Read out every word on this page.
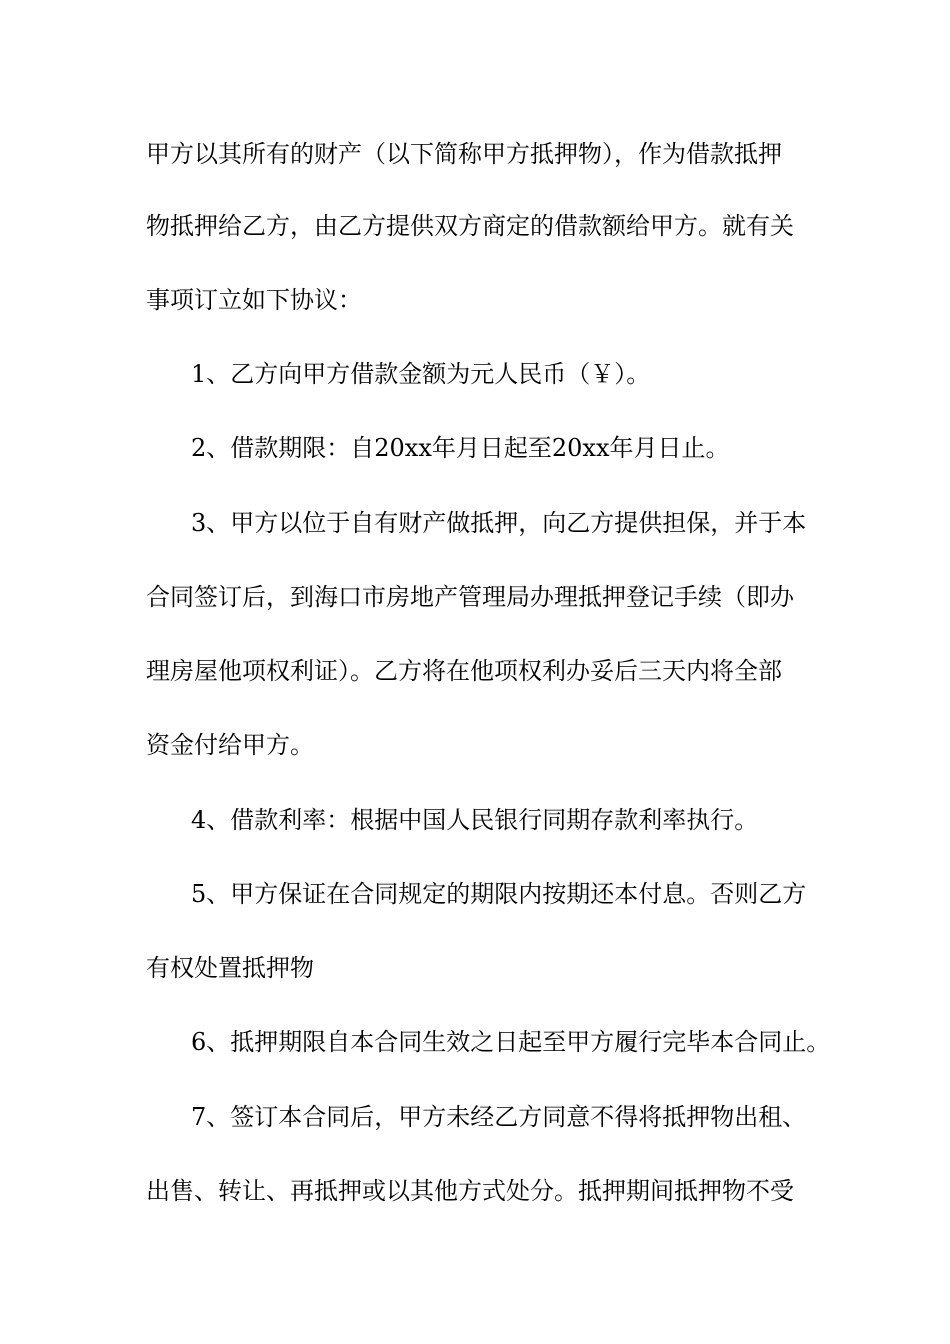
甲方以其所有的财产（以下简称甲方抵押物），作为借款抵押
物抵押给乙方，由乙方提供双方商定的借款额给甲方。就有关
事项订立如下协议：
1、乙方向甲方借款金额为元人民币（￥）。
2、借款期限：自20xx年月日起至20xx年月日止。
3、甲方以位于自有财产做抵押，向乙方提供担保，并于本
合同签订后，到海口市房地产管理局办理抵押登记手续（即办
理房屋他项权利证）。乙方将在他项权利办妥后三天内将全部
资金付给甲方。
4、借款利率：根据中国人民银行同期存款利率执行。
5、甲方保证在合同规定的期限内按期还本付息。否则乙方
有权处置抵押物
6、抵押期限自本合同生效之日起至甲方履行完毕本合同止。
7、签订本合同后，甲方未经乙方同意不得将抵押物出租、
出售、转让、再抵押或以其他方式处分。抵押期间抵押物不受
